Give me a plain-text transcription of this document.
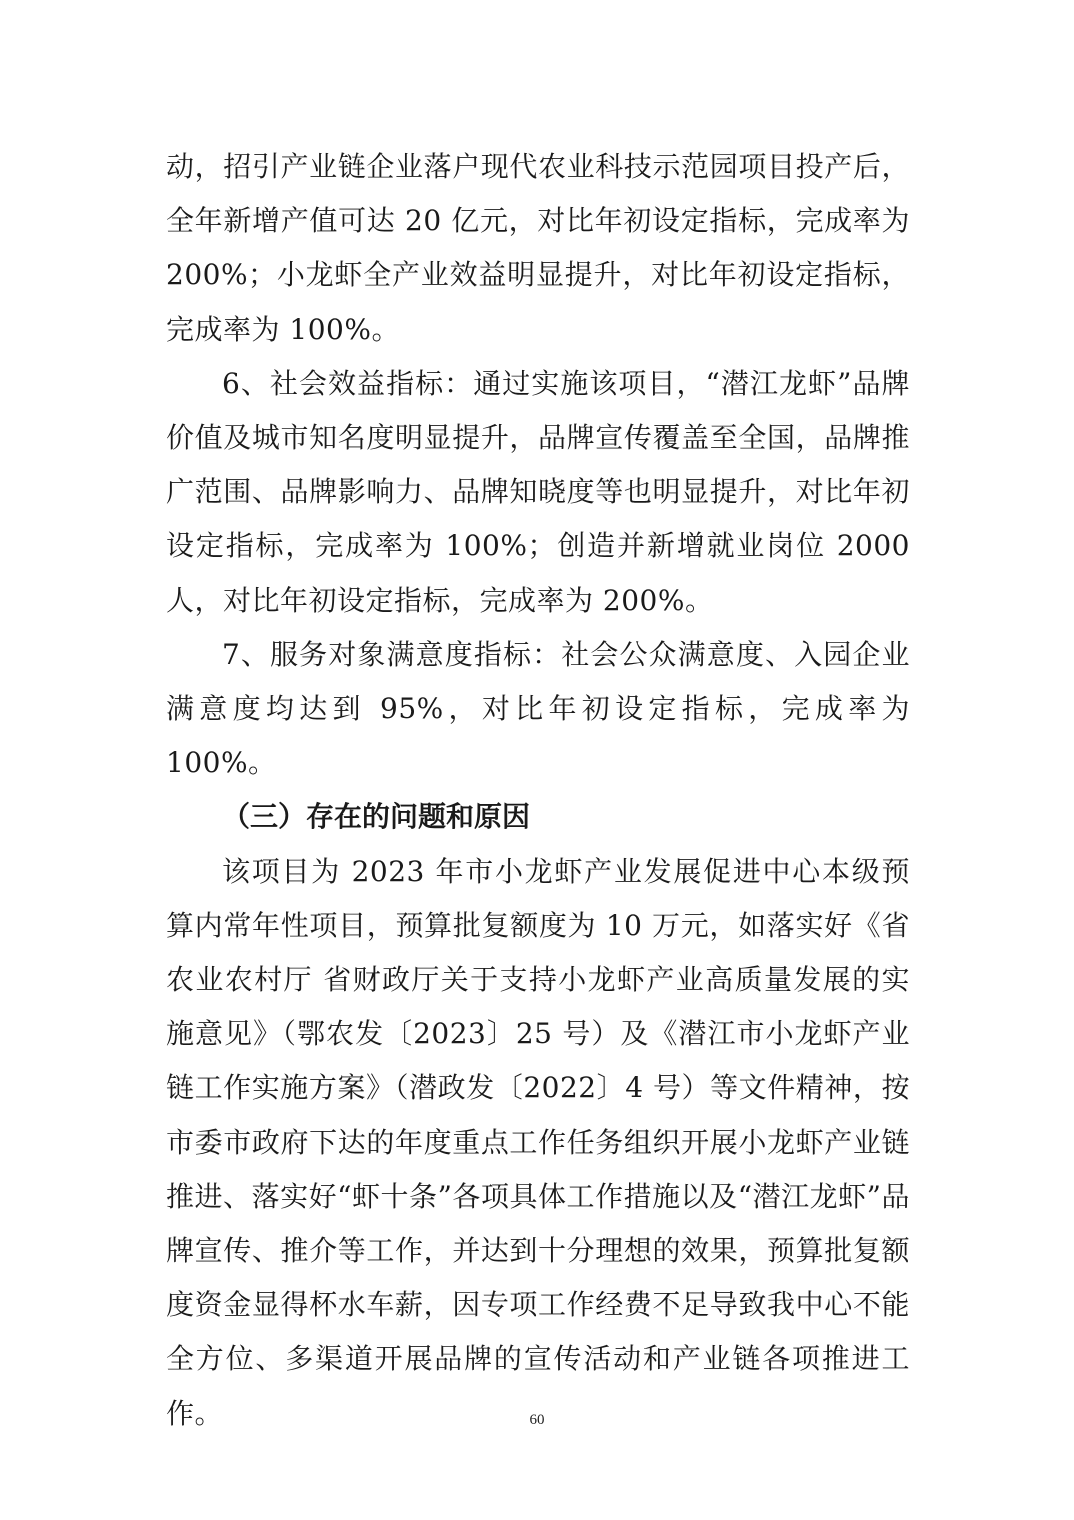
动，招引产业链企业落户现代农业科技示范园项目投产后，全年新增产值可达 20 亿元，对比年初设定指标，完成率为 200%；小龙虾全产业效益明显提升，对比年初设定指标，完成率为 100%。

6、社会效益指标：通过实施该项目，“潜江龙虾”品牌价值及城市知名度明显提升，品牌宣传覆盖至全国，品牌推广范围、品牌影响力、品牌知晓度等也明显提升，对比年初设定指标，完成率为 100%；创造并新增就业岗位 2000 人，对比年初设定指标，完成率为 200%。

7、服务对象满意度指标：社会公众满意度、入园企业满意度均达到 95%，对比年初设定指标，完成率为 100%。

（三）存在的问题和原因

该项目为 2023 年市小龙虾产业发展促进中心本级预算内常年性项目，预算批复额度为 10 万元，如落实好《省农业农村厅 省财政厅关于支持小龙虾产业高质量发展的实施意见》（鄂农发〔2023〕25 号）及《潜江市小龙虾产业链工作实施方案》（潜政发〔2022〕4 号）等文件精神，按市委市政府下达的年度重点工作任务组织开展小龙虾产业链推进、落实好“虾十条”各项具体工作措施以及“潜江龙虾”品牌宣传、推介等工作，并达到十分理想的效果，预算批复额度资金显得杯水车薪，因专项工作经费不足导致我中心不能全方位、多渠道开展品牌的宣传活动和产业链各项推进工作。	60
